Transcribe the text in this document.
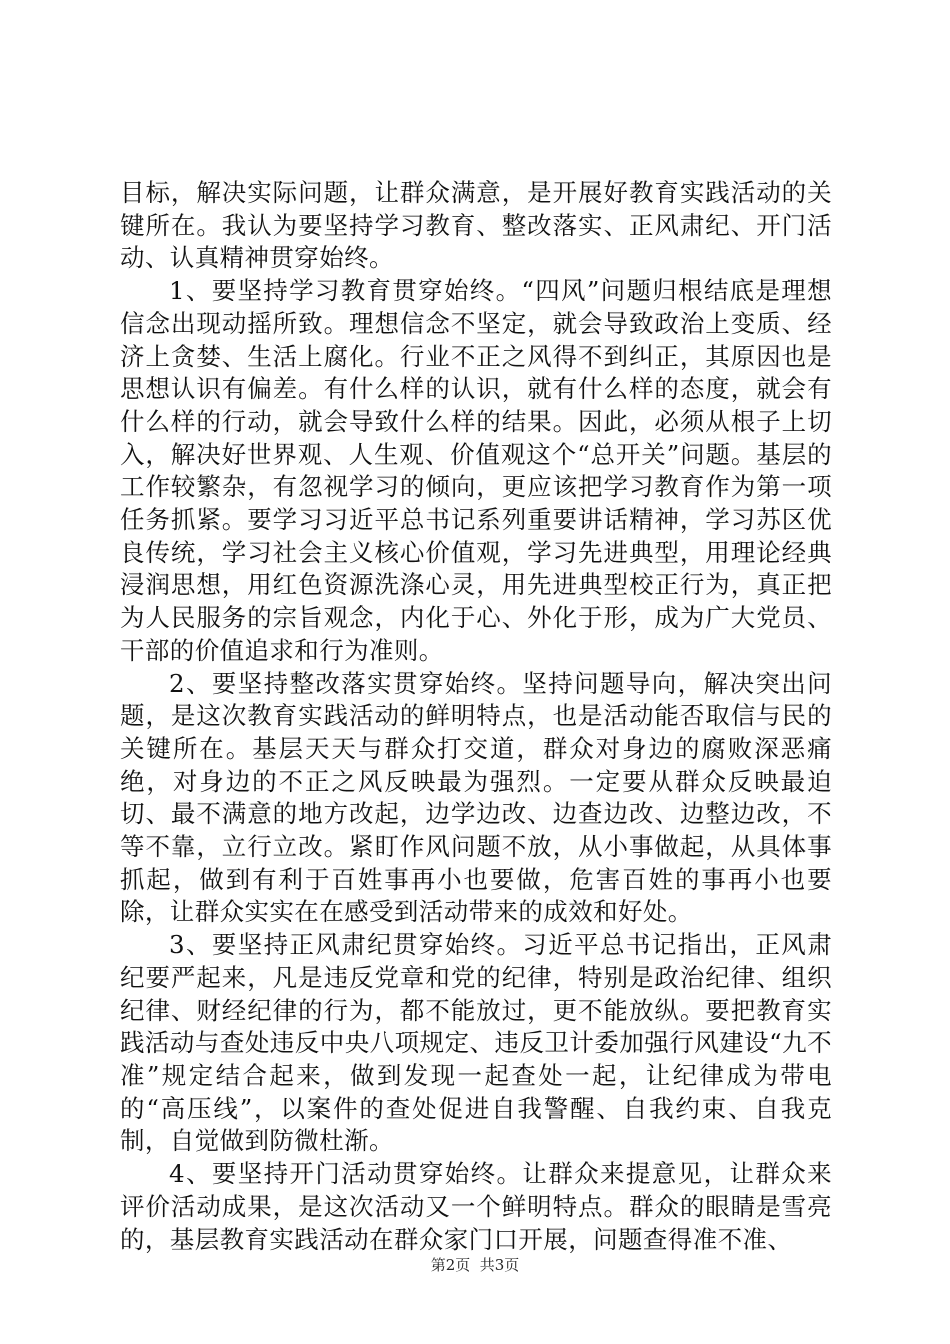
目标，解决实际问题，让群众满意，是开展好教育实践活动的关键所在。我认为要坚持学习教育、整改落实、正风肃纪、开门活动、认真精神贯穿始终。

1、要坚持学习教育贯穿始终。“四风”问题归根结底是理想信念出现动摇所致。理想信念不坚定，就会导致政治上变质、经济上贪婪、生活上腐化。行业不正之风得不到纠正，其原因也是思想认识有偏差。有什么样的认识，就有什么样的态度，就会有什么样的行动，就会导致什么样的结果。因此，必须从根子上切入，解决好世界观、人生观、价值观这个“总开关”问题。基层的工作较繁杂，有忽视学习的倾向，更应该把学习教育作为第一项任务抓紧。要学习习近平总书记系列重要讲话精神，学习苏区优良传统，学习社会主义核心价值观，学习先进典型，用理论经典浸润思想，用红色资源洗涤心灵，用先进典型校正行为，真正把为人民服务的宗旨观念，内化于心、外化于形，成为广大党员、干部的价值追求和行为准则。

2、要坚持整改落实贯穿始终。坚持问题导向，解决突出问题，是这次教育实践活动的鲜明特点，也是活动能否取信与民的关键所在。基层天天与群众打交道，群众对身边的腐败深恶痛绝，对身边的不正之风反映最为强烈。一定要从群众反映最迫切、最不满意的地方改起，边学边改、边查边改、边整边改，不等不靠，立行立改。紧盯作风问题不放，从小事做起，从具体事抓起，做到有利于百姓事再小也要做，危害百姓的事再小也要除，让群众实实在在感受到活动带来的成效和好处。

3、要坚持正风肃纪贯穿始终。习近平总书记指出，正风肃纪要严起来，凡是违反党章和党的纪律，特别是政治纪律、组织纪律、财经纪律的行为，都不能放过，更不能放纵。要把教育实践活动与查处违反中央八项规定、违反卫计委加强行风建设“九不准”规定结合起来，做到发现一起查处一起，让纪律成为带电的“高压线”，以案件的查处促进自我警醒、自我约束、自我克制，自觉做到防微杜渐。

4、要坚持开门活动贯穿始终。让群众来提意见，让群众来评价活动成果，是这次活动又一个鲜明特点。群众的眼睛是雪亮的，基层教育实践活动在群众家门口开展，问题查得准不准、

第2页  共3页
